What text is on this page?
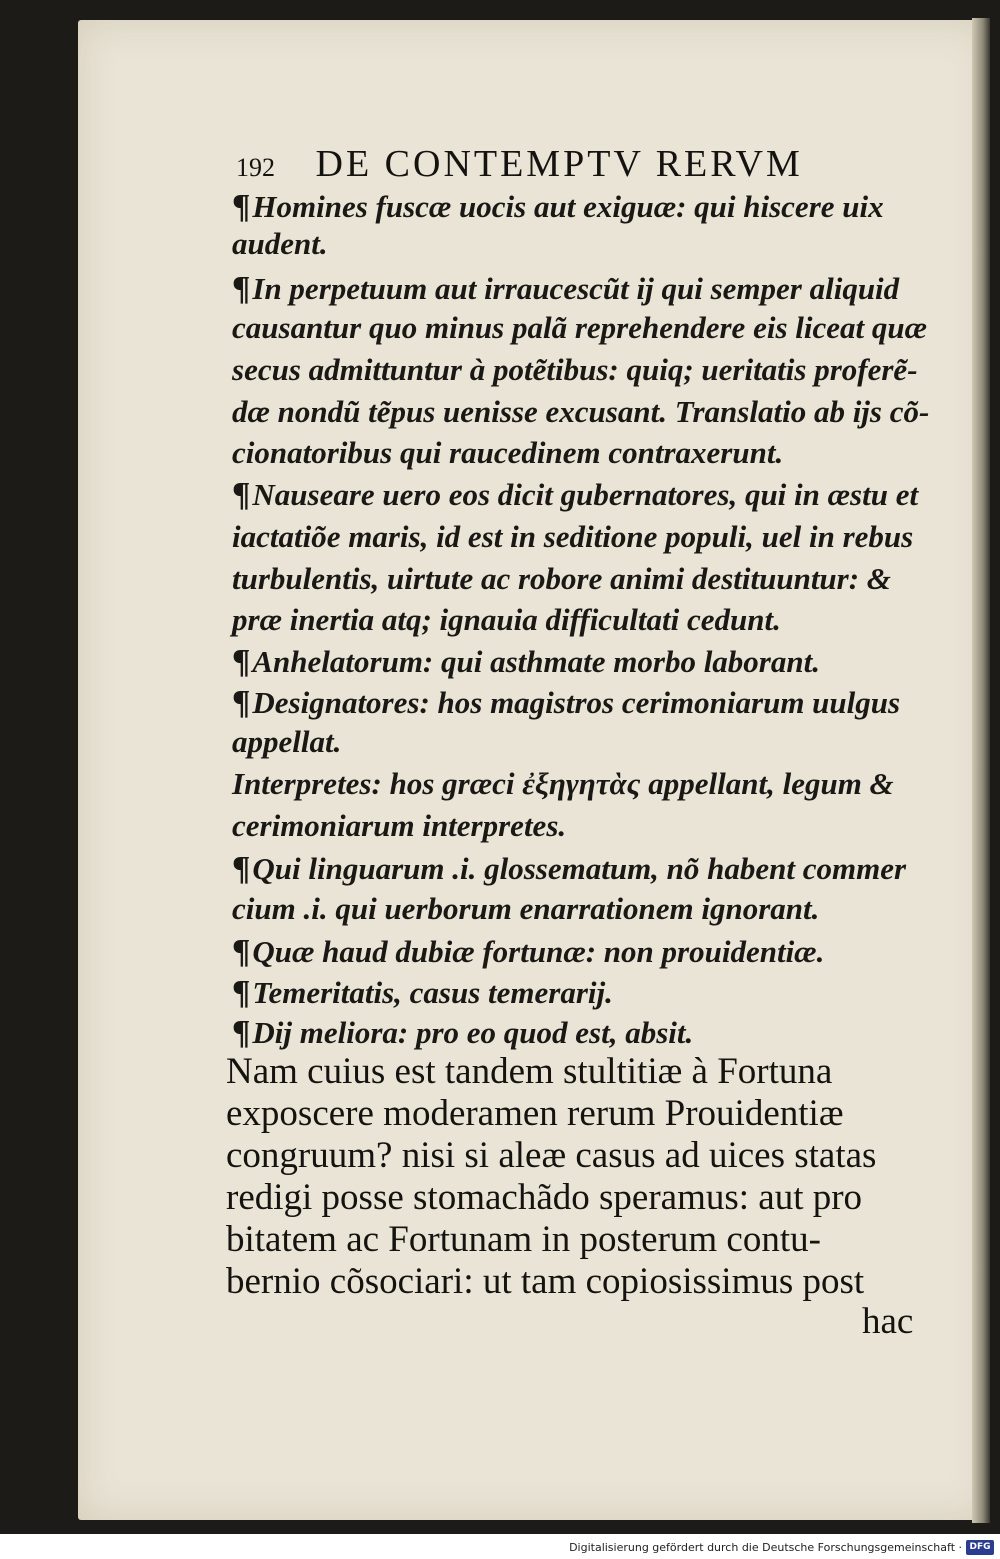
192 DE CONTEMPTV RERVM
¶Homines fuscæ uocis aut exiguæ: qui hiscere uix
audent.
¶In perpetuum aut irraucescũt ij qui semper aliquid
causantur quo minus palã reprehendere eis liceat quæ
secus admittuntur à potẽtibus: quiq; ueritatis proferẽ-
dæ nondũ tẽpus uenisse excusant. Translatio ab ijs cõ-
cionatoribus qui raucedinem contraxerunt.
¶Nauseare uero eos dicit gubernatores, qui in æstu et
iactatiõe maris, id est in seditione populi, uel in rebus
turbulentis, uirtute ac robore animi destituuntur: &
præ inertia atq; ignauia difficultati cedunt.
¶Anhelatorum: qui asthmate morbo laborant.
¶Designatores: hos magistros cerimoniarum uulgus
appellat.
Interpretes: hos græci ἐξηγητὰς appellant, legum &
cerimoniarum interpretes.
¶Qui linguarum .i. glossematum, nõ habent commer
cium .i. qui uerborum enarrationem ignorant.
¶Quæ haud dubiæ fortunæ: non prouidentiæ.
¶Temeritatis, casus temerarij.
¶Dij meliora: pro eo quod est, absit.
Nam cuius est tandem stultitiæ à Fortuna
exposcere moderamen rerum Prouidentiæ
congruum? nisi si aleæ casus ad uices statas
redigi posse stomachãdo speramus: aut pro
bitatem ac Fortunam in posterum contu-
bernio cõsociari: ut tam copiosissimus post
hac
Digitalisierung gefördert durch die Deutsche Forschungsgemeinschaft · DFG
